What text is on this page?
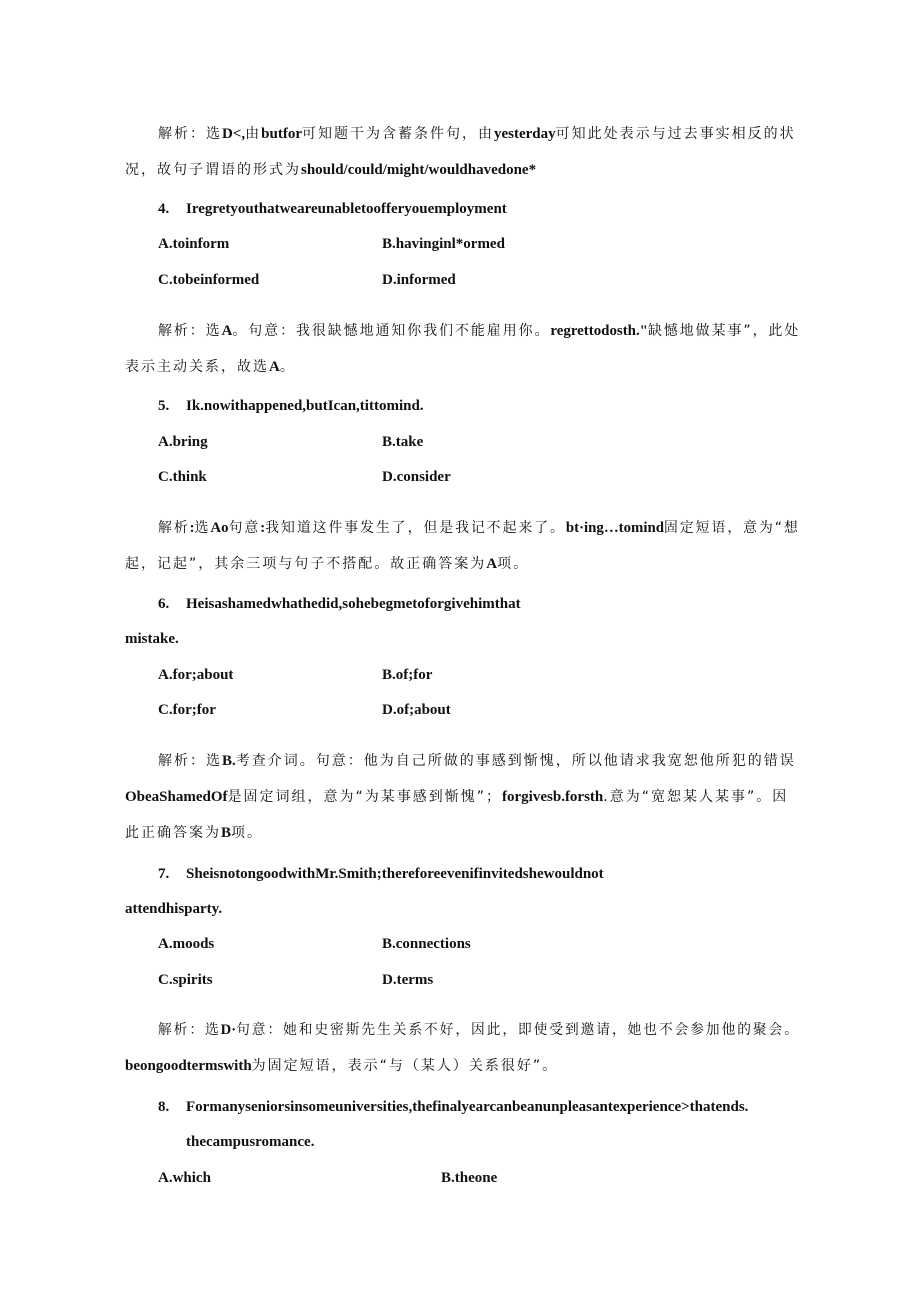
解析：选D<,由butfor可知题干为含蓄条件句，由yesterday可知此处表示与过去事实相反的状
况，故句子谓语的形式为should/could/might/wouldhavedone*
4. Iregretyouthatweareunabletoofferyouemployment
A.toinform	B.havinginl*ormed
C.tobeinformed	D.informed
解析：选A。句意：我很缺憾地通知你我们不能雇用你。regrettodosth."缺憾地做某事”，此处
表示主动关系，故选A。
5. Ik.nowithappened,butIcan,tittomind.
A.bring	B.take
C.think	D.consider
解析:选Ao句意:我知道这件事发生了，但是我记不起来了。bt·ing…tomind固定短语，意为“想
起，记起”，其余三项与句子不搭配。故正确答案为A项。
6. Heisashamedwhathedid,sohebegmetoforgivehimthat
mistake.
A.for;about	B.of;for
C.for;for	D.of;about
解析：选B.考查介词。句意：他为自己所做的事感到惭愧，所以他请求我宽恕他所犯的错误
ObeaShamedOf是固定词组，意为“为某事感到惭愧”；forgivesb.forsth.意为“宽恕某人某事”。因
此正确答案为B项。
7. SheisnotongoodwithMr.Smith;thereforeevenifinvitedshewouldnot
attendhisparty.
A.moods	B.connections
C.spirits	D.terms
解析：选D·句意：她和史密斯先生关系不好，因此，即使受到邀请，她也不会参加他的聚会。
beongoodtermswith为固定短语，表示“与（某人）关系很好”。
8. Formanyseniorsinsomeuniversities,thefinalyearcanbeanunpleasantexperience>thatends.
thecampusromance.
A.which	B.theone
